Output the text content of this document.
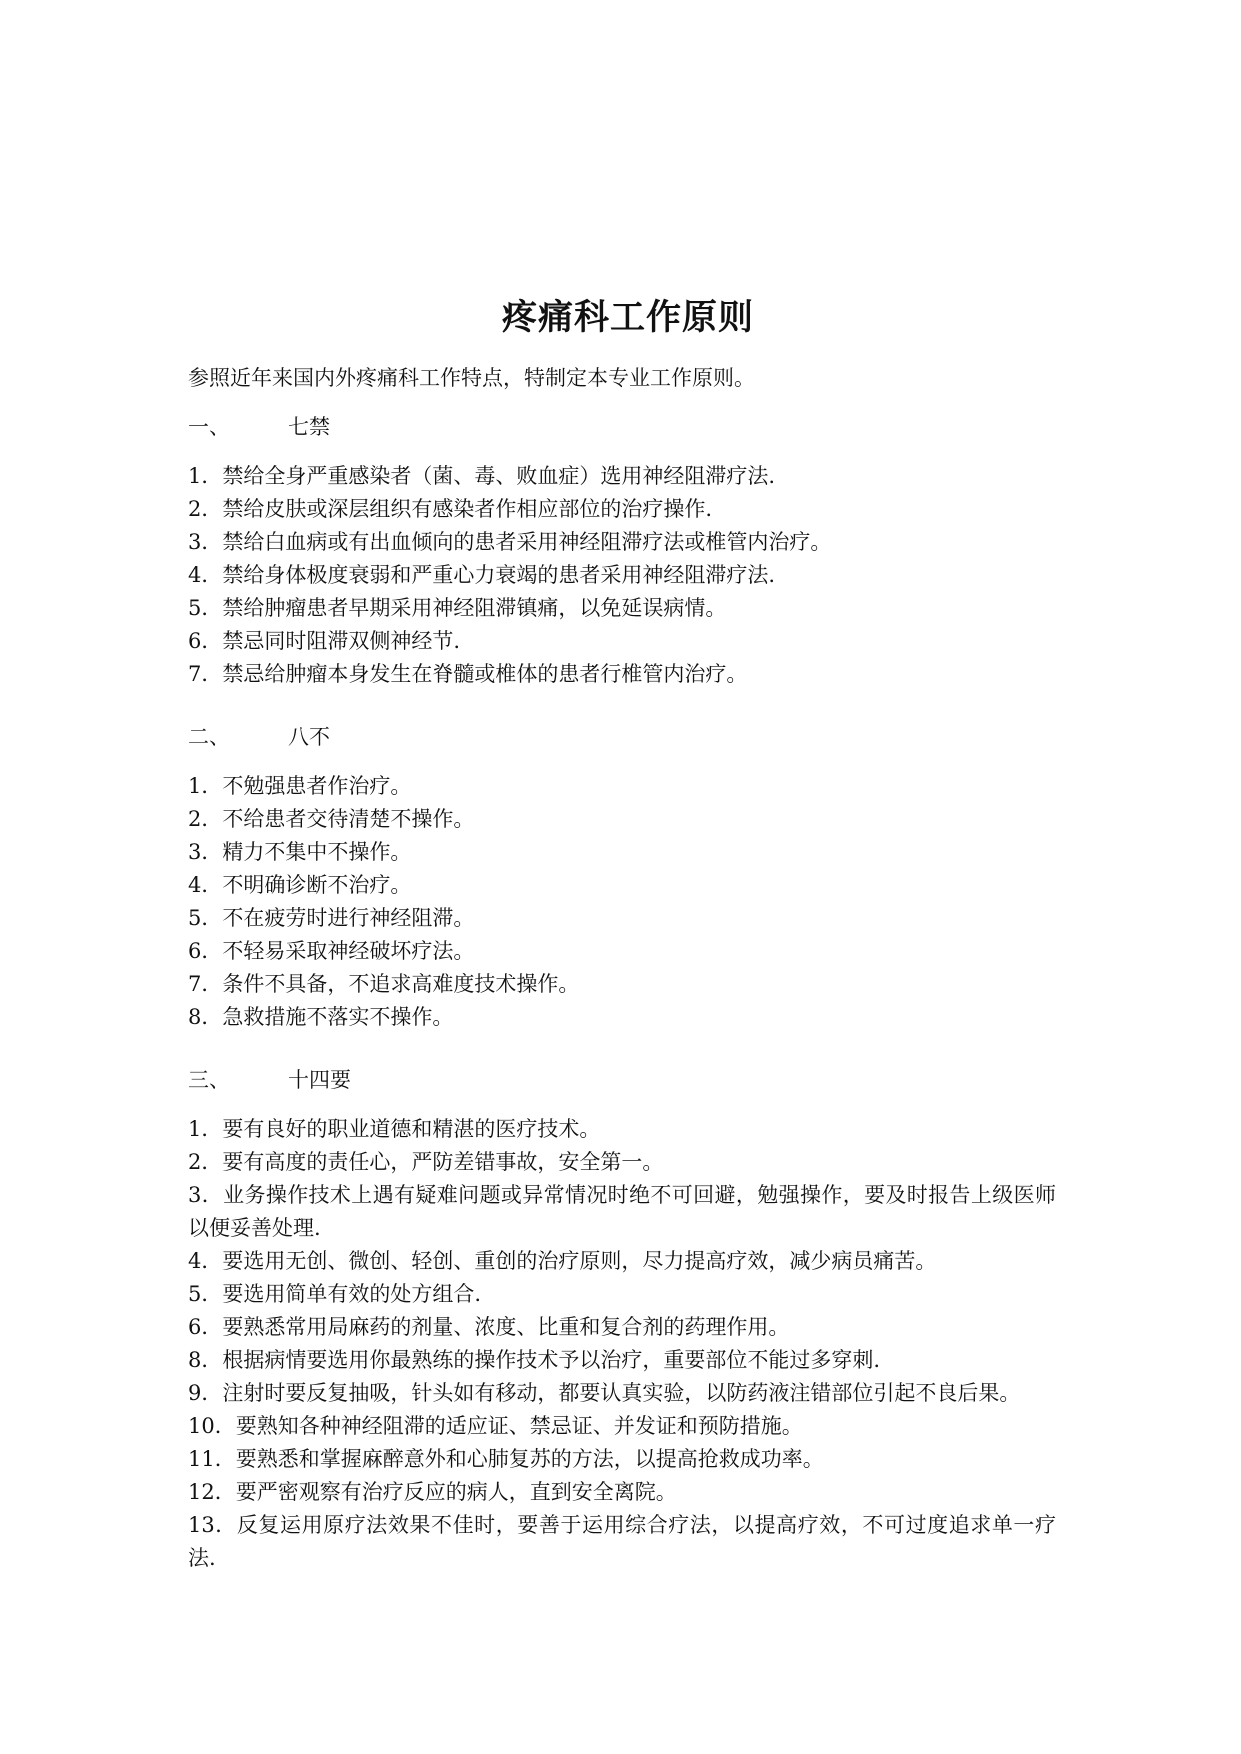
疼痛科工作原则

参照近年来国内外疼痛科工作特点，特制定本专业工作原则。

一、	七禁
1．禁给全身严重感染者（菌、毒、败血症）选用神经阻滞疗法.
2．禁给皮肤或深层组织有感染者作相应部位的治疗操作.
3．禁给白血病或有出血倾向的患者采用神经阻滞疗法或椎管内治疗。
4．禁给身体极度衰弱和严重心力衰竭的患者采用神经阻滞疗法.
5．禁给肿瘤患者早期采用神经阻滞镇痛，以免延误病情。
6．禁忌同时阻滞双侧神经节.
7．禁忌给肿瘤本身发生在脊髓或椎体的患者行椎管内治疗。
二、	八不
1．不勉强患者作治疗。
2．不给患者交待清楚不操作。
3．精力不集中不操作。
4．不明确诊断不治疗。
5．不在疲劳时进行神经阻滞。
6．不轻易采取神经破坏疗法。
7．条件不具备，不追求高难度技术操作。
8．急救措施不落实不操作。
三、	十四要
1．要有良好的职业道德和精湛的医疗技术。
2．要有高度的责任心，严防差错事故，安全第一。
3．业务操作技术上遇有疑难问题或异常情况时绝不可回避，勉强操作，要及时报告上级医师以便妥善处理.
4．要选用无创、微创、轻创、重创的治疗原则，尽力提高疗效，减少病员痛苦。
5．要选用简单有效的处方组合.
6．要熟悉常用局麻药的剂量、浓度、比重和复合剂的药理作用。
8．根据病情要选用你最熟练的操作技术予以治疗，重要部位不能过多穿刺.
9．注射时要反复抽吸，针头如有移动，都要认真实验，以防药液注错部位引起不良后果。
10．要熟知各种神经阻滞的适应证、禁忌证、并发证和预防措施。
11．要熟悉和掌握麻醉意外和心肺复苏的方法，以提高抢救成功率。
12．要严密观察有治疗反应的病人，直到安全离院。
13．反复运用原疗法效果不佳时，要善于运用综合疗法，以提高疗效，不可过度追求单一疗法.
